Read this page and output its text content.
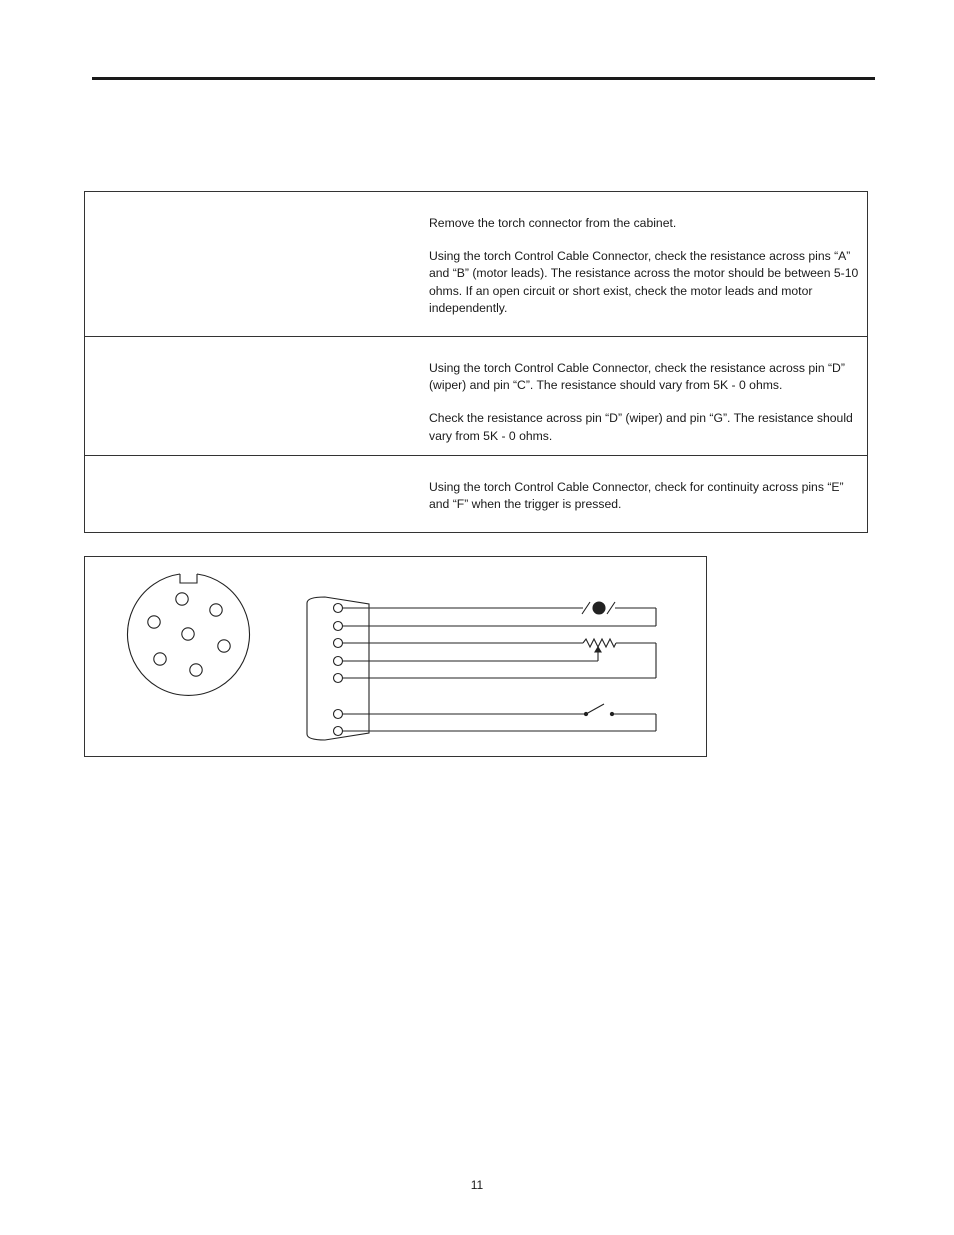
Remove the torch connector from the cabinet.

Using the torch Control Cable Connector, check the resistance across pins “A” and “B” (motor leads). The resistance across the motor should be between 5-10 ohms. If an open circuit or short exist, check the motor leads and motor independently.

Using the torch Control Cable Connector, check the resistance across pin “D” (wiper) and pin “C”. The resistance should vary from 5K - 0 ohms.

Check the resistance across pin “D” (wiper) and pin “G”. The resistance should vary from 5K - 0 ohms.

Using the torch Control Cable Connector, check for continuity across pins “E” and “F” when the trigger is pressed.

11
